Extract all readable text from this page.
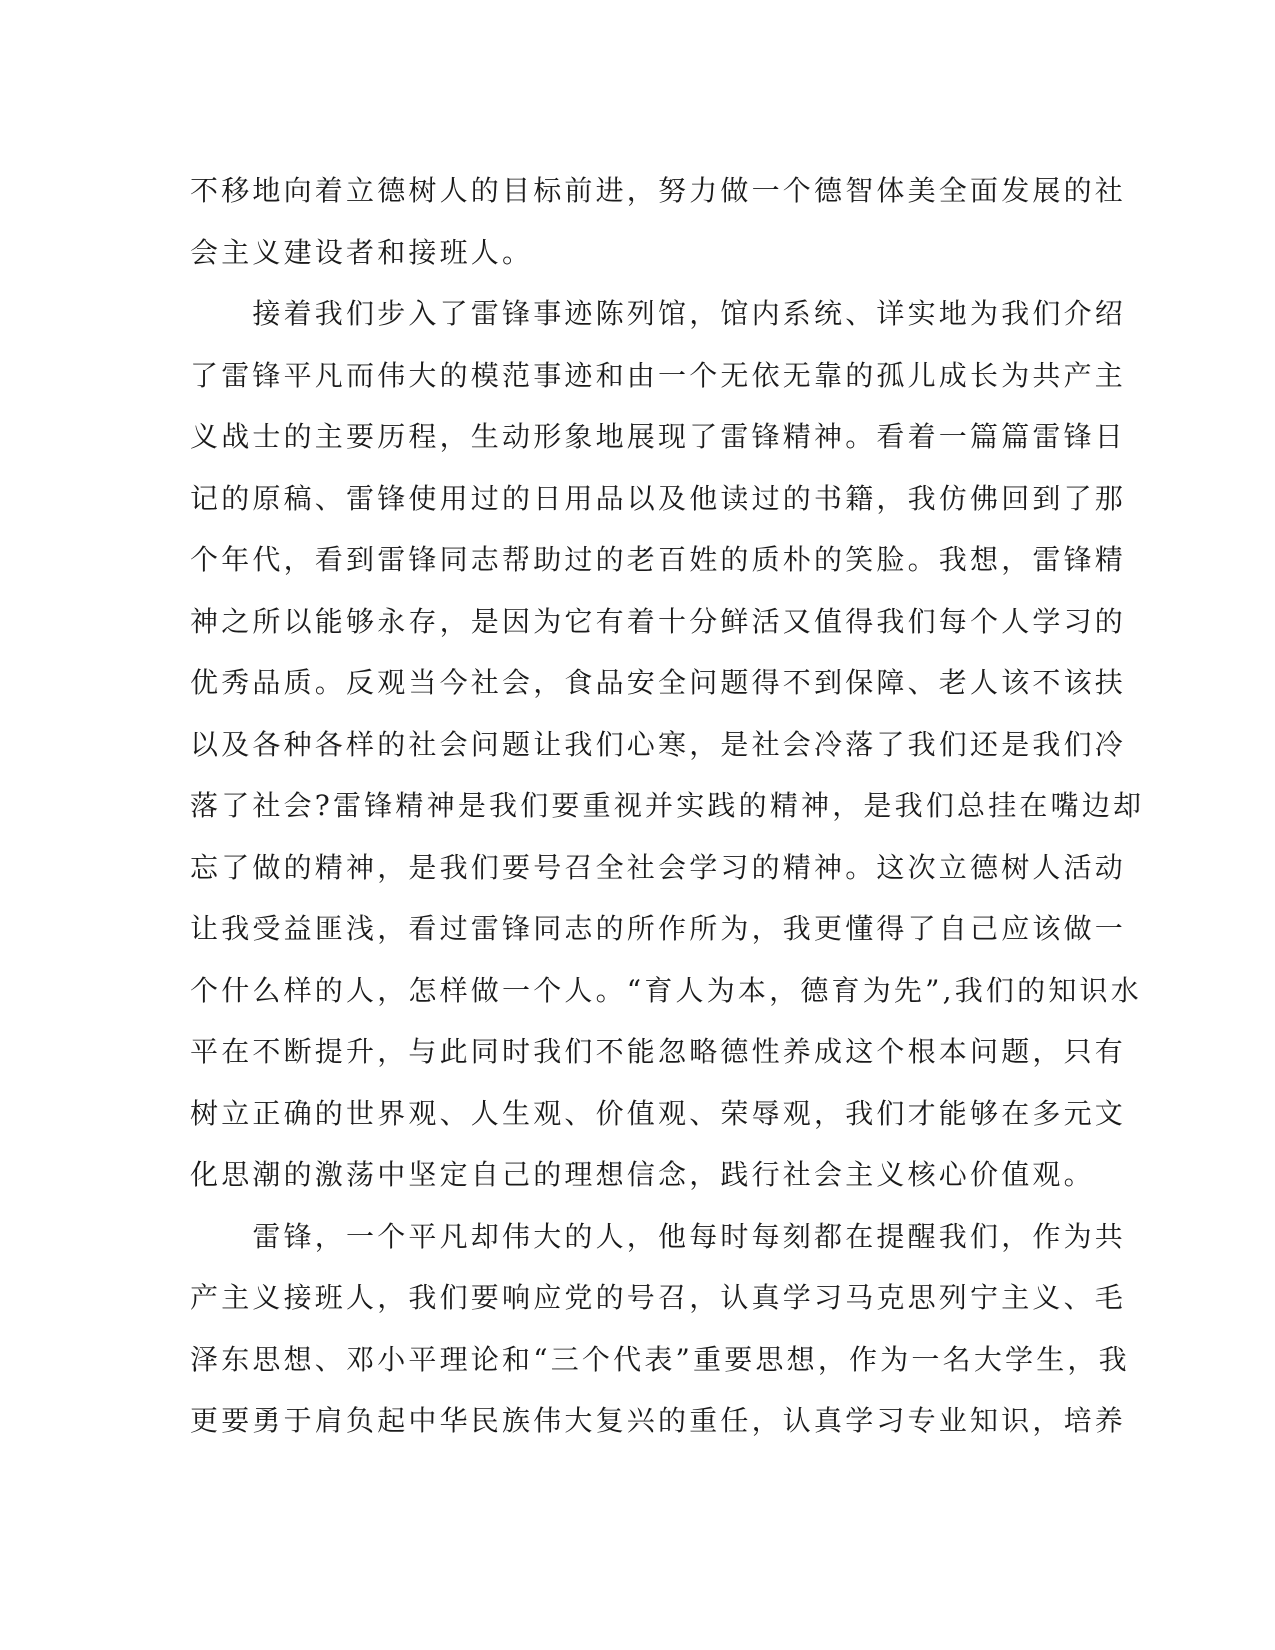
不移地向着立德树人的目标前进，努力做一个德智体美全面发展的社
会主义建设者和接班人。
　　接着我们步入了雷锋事迹陈列馆，馆内系统、详实地为我们介绍
了雷锋平凡而伟大的模范事迹和由一个无依无靠的孤儿成长为共产主
义战士的主要历程，生动形象地展现了雷锋精神。看着一篇篇雷锋日
记的原稿、雷锋使用过的日用品以及他读过的书籍，我仿佛回到了那
个年代，看到雷锋同志帮助过的老百姓的质朴的笑脸。我想，雷锋精
神之所以能够永存，是因为它有着十分鲜活又值得我们每个人学习的
优秀品质。反观当今社会，食品安全问题得不到保障、老人该不该扶
以及各种各样的社会问题让我们心寒，是社会冷落了我们还是我们冷
落了社会?雷锋精神是我们要重视并实践的精神，是我们总挂在嘴边却
忘了做的精神，是我们要号召全社会学习的精神。这次立德树人活动
让我受益匪浅，看过雷锋同志的所作所为，我更懂得了自己应该做一
个什么样的人，怎样做一个人。“育人为本，德育为先”,我们的知识水
平在不断提升，与此同时我们不能忽略德性养成这个根本问题，只有
树立正确的世界观、人生观、价值观、荣辱观，我们才能够在多元文
化思潮的激荡中坚定自己的理想信念，践行社会主义核心价值观。
　　雷锋，一个平凡却伟大的人，他每时每刻都在提醒我们，作为共
产主义接班人，我们要响应党的号召，认真学习马克思列宁主义、毛
泽东思想、邓小平理论和“三个代表”重要思想，作为一名大学生，我
更要勇于肩负起中华民族伟大复兴的重任，认真学习专业知识，培养
